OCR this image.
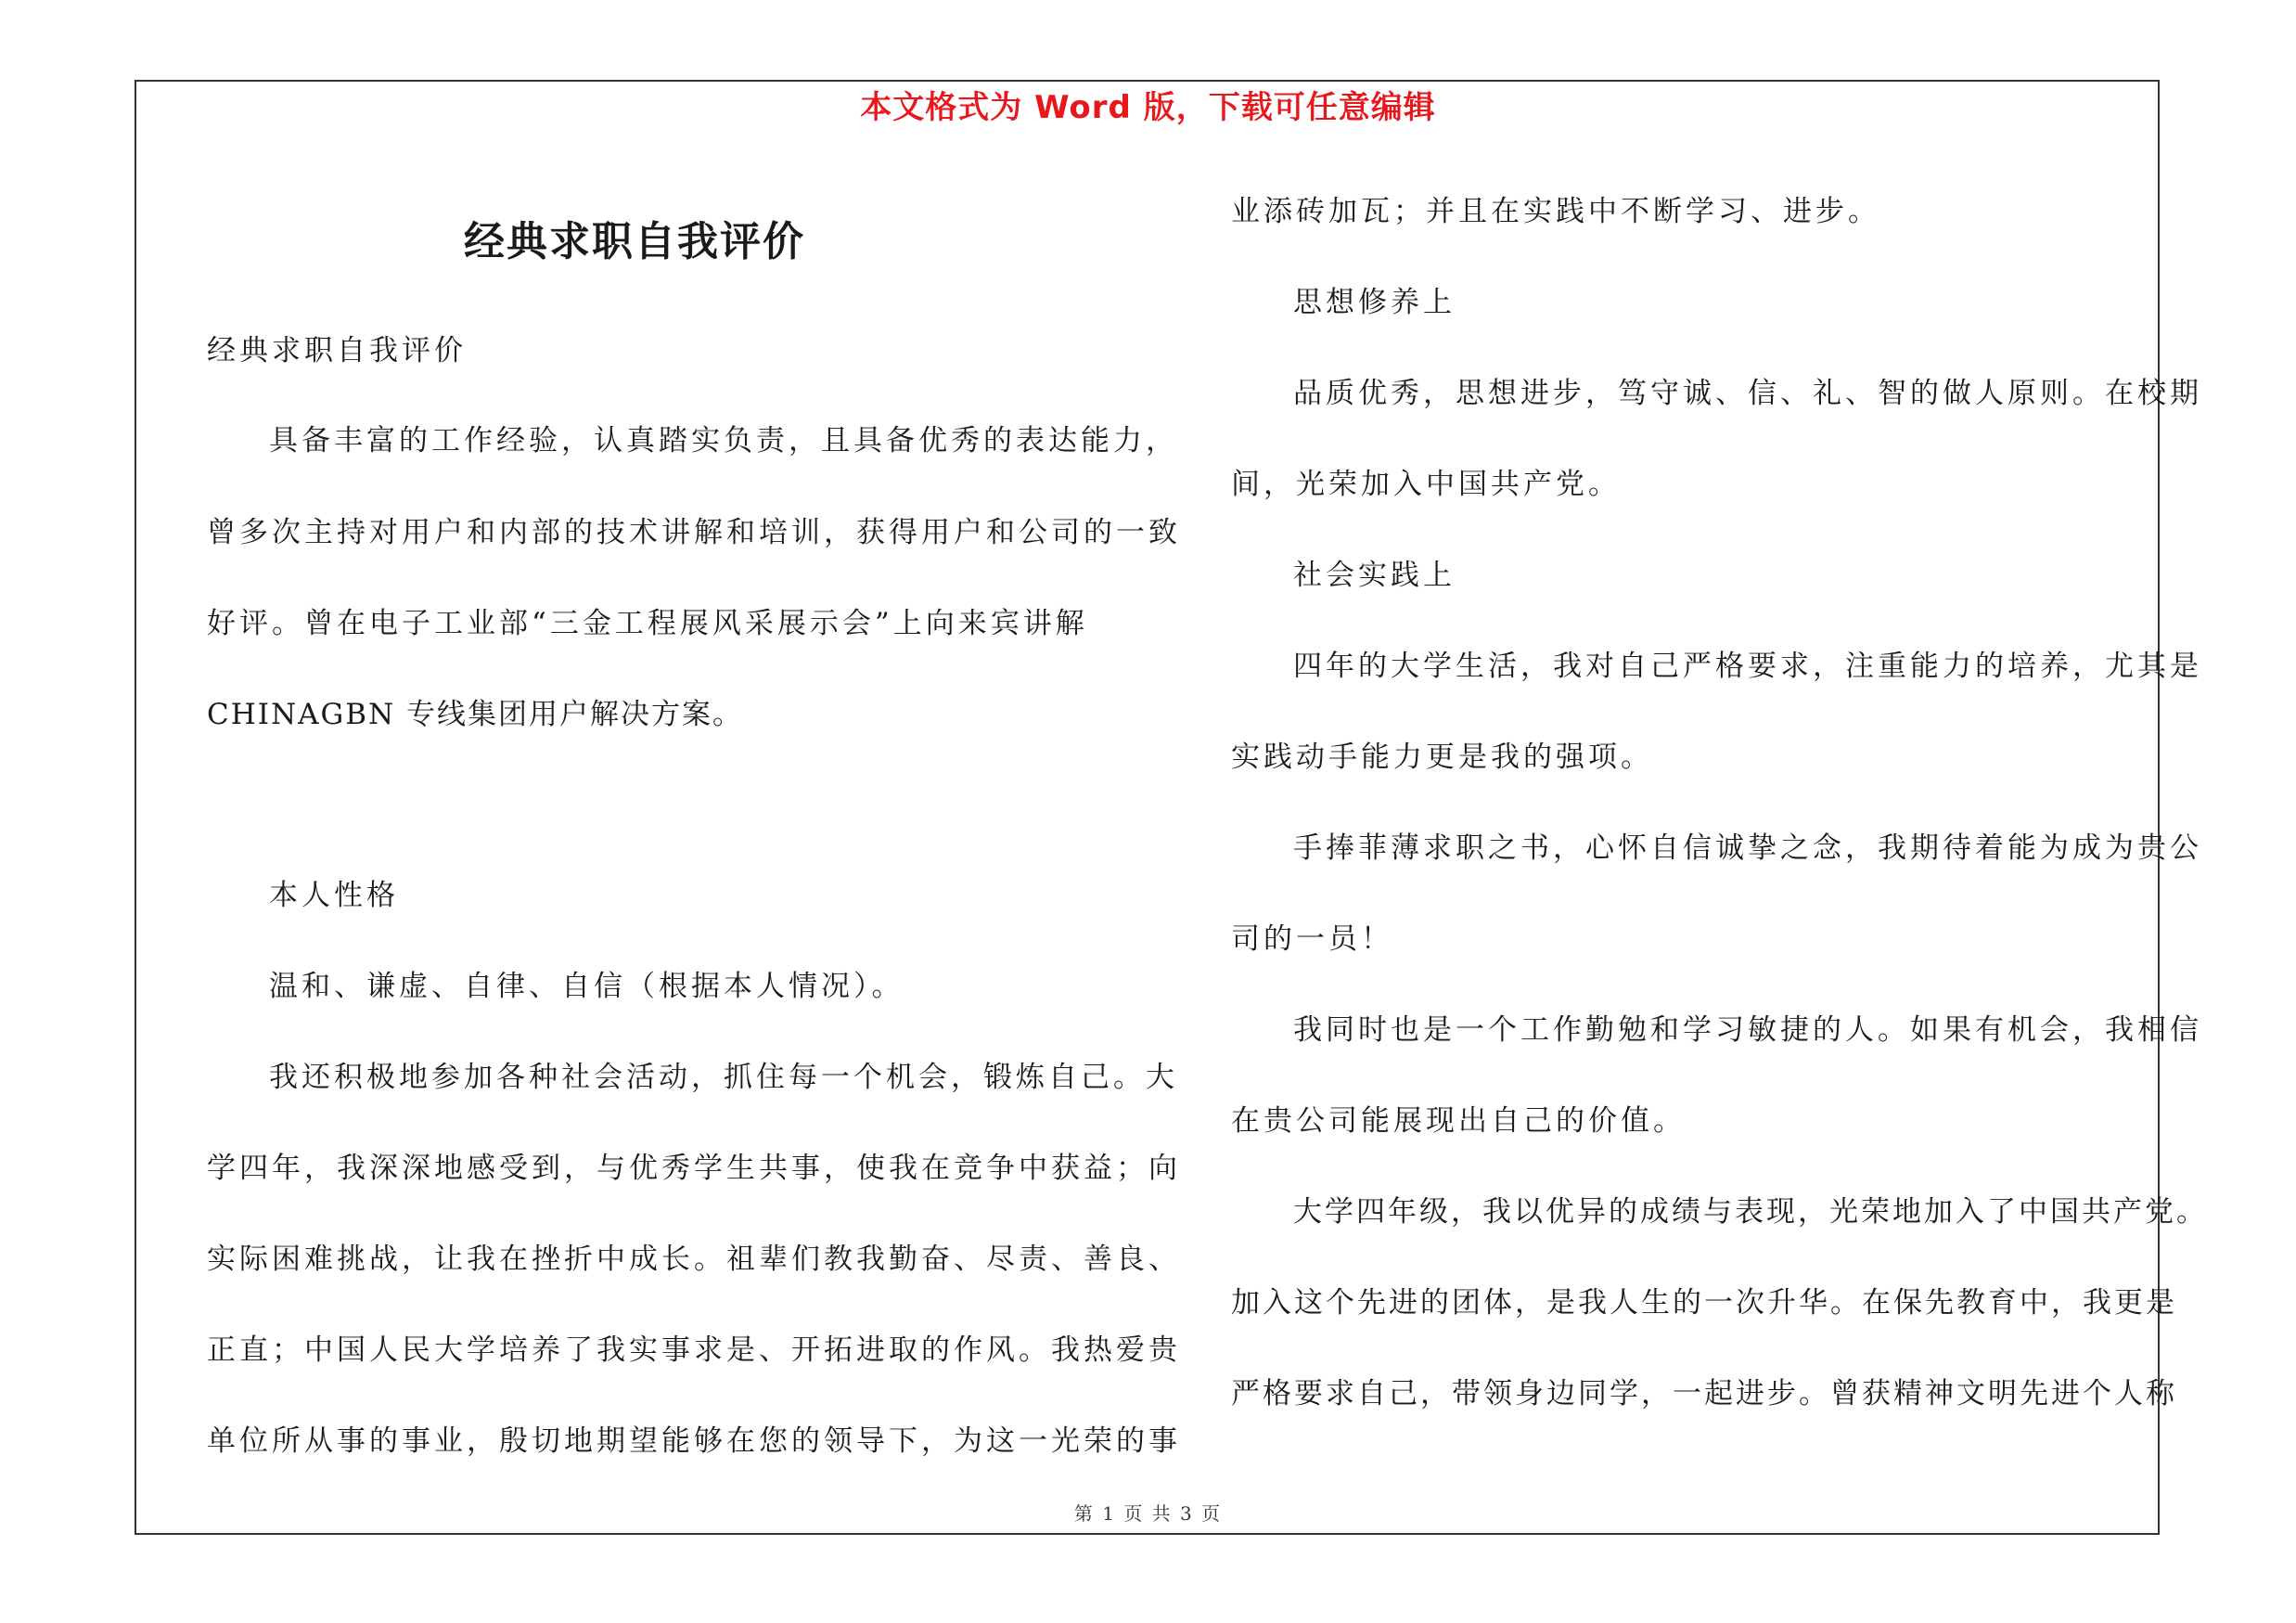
本文格式为 Word 版，下载可任意编辑
经典求职自我评价
经典求职自我评价
具备丰富的工作经验，认真踏实负责，且具备优秀的表达能力，
曾多次主持对用户和内部的技术讲解和培训，获得用户和公司的一致
好评。曾在电子工业部“三金工程展风采展示会”上向来宾讲解
CHINAGBN 专线集团用户解决方案。
本人性格
温和、谦虚、自律、自信（根据本人情况）。
我还积极地参加各种社会活动，抓住每一个机会，锻炼自己。大
学四年，我深深地感受到，与优秀学生共事，使我在竞争中获益；向
实际困难挑战，让我在挫折中成长。祖辈们教我勤奋、尽责、善良、
正直；中国人民大学培养了我实事求是、开拓进取的作风。我热爱贵
单位所从事的事业，殷切地期望能够在您的领导下，为这一光荣的事
业添砖加瓦；并且在实践中不断学习、进步。
思想修养上
品质优秀，思想进步，笃守诚、信、礼、智的做人原则。在校期
间，光荣加入中国共产党。
社会实践上
四年的大学生活，我对自己严格要求，注重能力的培养，尤其是
实践动手能力更是我的强项。
手捧菲薄求职之书，心怀自信诚挚之念，我期待着能为成为贵公
司的一员！
我同时也是一个工作勤勉和学习敏捷的人。如果有机会，我相信
在贵公司能展现出自己的价值。
大学四年级，我以优异的成绩与表现，光荣地加入了中国共产党。
加入这个先进的团体，是我人生的一次升华。在保先教育中，我更是
严格要求自己，带领身边同学，一起进步。曾获精神文明先进个人称
第 1 页 共 3 页
